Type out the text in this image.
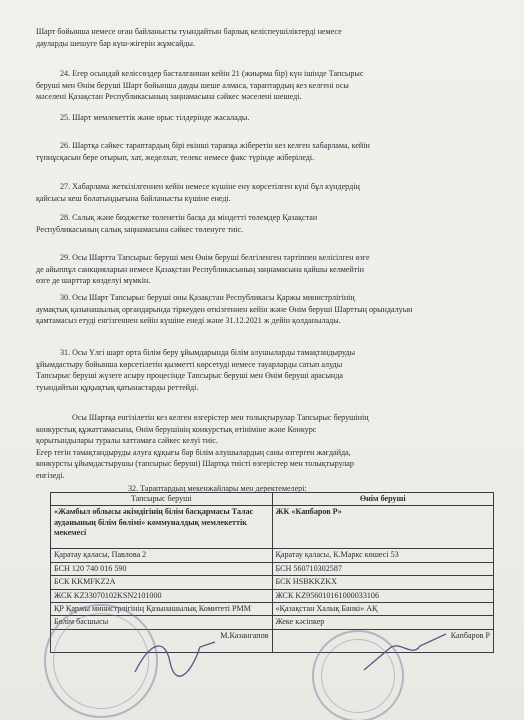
Шарт бойынша немесе оған байланысты туындайтын барлық келіспеушіліктерді немесе
дауларды шешуге бар күш-жігерін жұмсайды.
24. Егер осындай келіссөздер басталғаннан кейін 21 (жиырма бір) күн ішінде Тапсырыс
беруші мен Өнім беруші Шарт бойынша дауды шеше алмаса, тараптардың кез келгені осы
мәселені Қазақстан Республикасының заңнамасына сәйкес мәселені шешеді.
25. Шарт мемлекеттік және орыс тілдерінде жасалады.
26. Шартқа сәйкес тараптардың бірі екінші тарапқа жіберетін кез келген хабарлама, кейін
түпнұсқасын бере отырып, хат, жеделхат, телекс немесе факс түрінде жіберіледі.
27. Хабарлама жеткізілгеннен кейін немесе күшіне ену көрсетілген күні бұл күндердің
қайсысы кеш болатындығына байланысты күшіне енеді.
28. Салық және бюджетке төленетін басқа да міндетті төлемдер Қазақстан
Республикасының салық заңнамасына сәйкес төленуге тиіс.
29. Осы Шартта Тапсырыс беруші мен Өнім беруші белгіленген тәртіппен келісілген өзге
де айыппұл санкцияларын немесе Қазақстан Республикасының заңнамасына қайшы келмейтін
өзге де шарттар көзделуі мүмкін.
30. Осы Шарт Тапсырыс беруші оны Қазақстан Республикасы Қаржы министрлігінің
аумақтық қазынашылық органдарында тіркеуден өткізгеннен кейін және Өнім беруші Шарттың орындалуын
қамтамасыз етуді енгізгеннен кейін күшіне енеді және 31.12.2021 ж дейін қолданылады.
31. Осы Үлгі шарт орта білім беру ұйымдарында білім алушыларды тамақтандыруды
ұйымдастыру бойынша көрсетілетін қызметті көрсетуді немесе тауарларды сатып алуды
Тапсырыс беруші жүзеге асыру процесінде Тапсырыс беруші мен Өнім беруші арасында
туындайтын құқықтық қатынастарды реттейді.
Осы Шартқа енгізілетін кез келген өзгерістер мен толықтырулар Тапсырыс берушінің
конкурстық құжаттамасына, Өнім берушінің конкурстық өтініміне және Конкурс
қорытындылары туралы хаттамаға сәйкес келуі тиіс.
Егер тегін тамақтандыруды алуға құқығы бар білім алушылардың саны өзгерген жағдайда,
конкурсты ұйымдастырушы (тапсырыс беруші) Шартқа тиісті өзгерістер мен толықтырулар
енгізеді.
32. Тараптардың мекенжайлары мен деректемелері:
Тапсырыс беруші	Өнім беруші
«Жамбыл облысы әкімдігінің білім басқармасы Талас ауданының білім бөлімі» коммуналдық мемлекеттік мекемесі	ЖК «Капбаров Р»
Қаратау қаласы, Павлова 2	Қаратау қаласы, К.Маркс көшесі 53
БСН 120 740 016 590	БСН 560710302587
БСК KKMFKZ2A	БСК HSBKKZKX
ЖСК KZ33070102KSN2101000	ЖСК KZ956010161000033106
ҚР Қаржы министрлігінің Қазынашылық Комитеті РММ	«Қазақстан Халық Банкі» АҚ
Бөлім басшысы	Жеке кәсіпкер

М.Казангапов	Капбаров Р
